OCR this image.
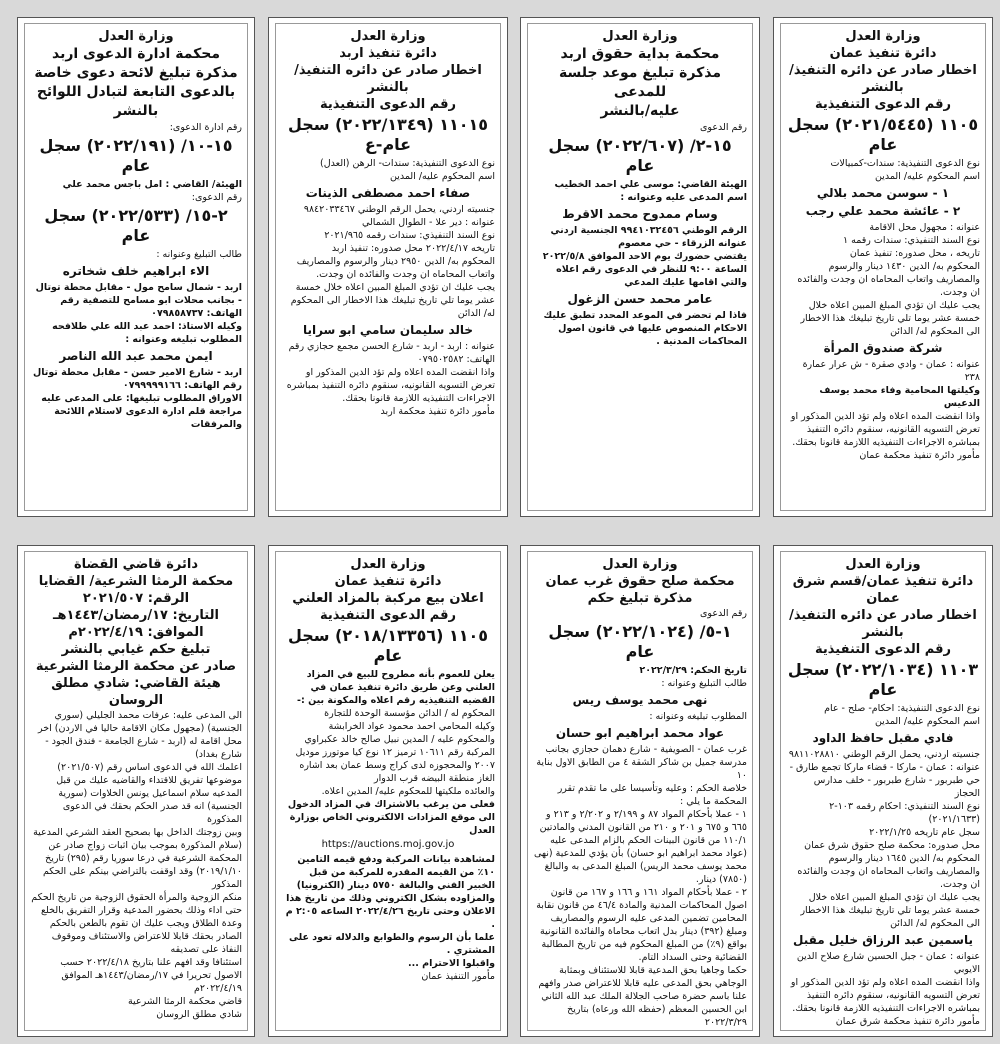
وزارة العدل

دائرة تنفيذ عمان

اخطار صادر عن دائره التنفيذ/ بالنشر

رقم الدعوى التنفيذية

١١٠٥ (٢٠٢١/٥٤٤٥) سجل عام

نوع الدعوى التنفيذية: سندات-كمبيالات

اسم المحكوم عليه/ المدين

١ - سوسن محمد بلالي

٢ - عائشة محمد علي رجب

عنوانه : مجهول محل الاقامة

نوع السند التنفيذي: سندات رقمه ١

تاريخه ، محل صدوره: تنفيذ عمان

المحكوم به/ الدين ١٤٣٠ دينار والرسوم والمصاريف واتعاب المحاماه ان وجدت والفائده ان وجدت.

يجب عليك ان تؤدي المبلغ المبين اعلاه خلال خمسة عشر يوما تلي تاريخ تبليغك هذا الاخطار الى المحكوم له/ الدائن

شركة صندوق المرأة

عنوانه : عمان - وادي صقرة - ش عرار عمارة ٢٣٨

وكيلتها المحامية وفاء محمد يوسف الدعيس

واذا انقضت المده اعلاه ولم تؤد الدين المذكور او تعرض التسويه القانونيه، سنقوم دائره التنفيذ بمباشره الاجراءات التنفيذيه اللازمة قانونا بحقك.

مأمور دائرة تنفيذ محكمة عمان

وزارة العدل

محكمة بداية حقوق اربد

مذكرة تبليغ موعد جلسة للمدعى

عليه/بالنشر

رقم الدعوى

١٥-٢/ (٢٠٢٢/٦٠٧) سجل عام

الهيئة القاضي: موسى علي احمد الخطيب

اسم المدعى عليه وعنوانه :

وسام ممدوح محمد الاقرط

الرقم الوطني ٩٩٤١٠٣٢٤٥٦ الجنسية اردني

عنوانه الزرقاء - حي معصوم

يقتضي حضورك يوم الاحد الموافق ٢٠٢٢/٥/٨

الساعة ٩:٠٠ للنظر في الدعوى رقم اعلاه والتي اقامها عليك المدعي

عامر محمد حسن الزغول

فاذا لم تحضر في الموعد المحدد تطبق عليك الاحكام المنصوص عليها في قانون اصول المحاكمات المدنية .

وزارة العدل

دائرة تنفيذ اربد

اخطار صادر عن دائره التنفيذ/ بالنشر

رقم الدعوى التنفيذية

١١٠١٥ (٢٠٢٢/١٣٤٩) سجل عام-ع

نوع الدعوى التنفيذية: سندات- الرهن (العدل)

اسم المحكوم عليه/ المدين

صفاء احمد مصطفى الذينات

جنسيته اردني، يحمل الرقم الوطني ٩٨٤٢٠٣٣٤٦٧

عنوانه : دير علا - الطوال الشمالي

نوع السند التنفيذي: سندات رقمه ٢٠٢١/٩٦٥

تاريخه ٢٠٢٢/٤/١٧ محل صدوره: تنفيذ اربد

المحكوم به/ الدين ٢٩٥٠ دينار والرسوم والمصاريف واتعاب المحاماه ان وجدت والفائده ان وجدت.

يجب عليك ان تؤدي المبلغ المبين اعلاه خلال خمسة عشر يوما تلي تاريخ تبليغك هذا الاخطار الى المحكوم له/ الدائن

خالد سليمان سامي ابو سرايا

عنوانه : اربد - اربد - شارع الحسن مجمع حجازي رقم الهاتف: ٠٧٩٥٠٢٥٨٢

واذا انقضت المده اعلاه ولم تؤد الدين المذكور او تعرض التسويه القانونيه، سنقوم دائره التنفيذ بمباشره الاجراءات التنفيذيه اللازمة قانونا بحقك.

مأمور دائرة تنفيذ محكمة اربد

وزارة العدل

محكمة ادارة الدعوى اربد

مذكرة تبليغ لائحة دعوى خاصة

بالدعوى التابعة لتبادل اللوائح بالنشر

رقم ادارة الدعوى:

١٥-١٠/ (٢٠٢٢/١٩١) سجل عام

الهيئة/ القاضي : امل باجس محمد علي

رقم الدعوى:

٢-١٥/ (٢٠٢٢/٥٣٣) سجل عام

طالب التبليغ وعنوانه :

الاء ابراهيم خلف شخاتره

اربد - شمال سامح مول - مقابل محطة توتال - بجانب محلات ابو مسامح للتصفية رقم الهاتف: ٠٧٩٨٥٨٧٣٧

وكيله الاستاذ: احمد عبد الله علي طلافحه

المطلوب تبليغه وعنوانه :

ايمن محمد عبد الله الناصر

اربد - شارع الامير حسن - مقابل محطة توتال رقم الهاتف: ٠٧٩٩٩٩٩١٦٦

الاوراق المطلوب تبليغها: على المدعى عليه مراجعة قلم ادارة الدعوى لاستلام اللائحة والمرفقات

وزارة العدل

دائرة تنفيذ عمان/قسم شرق عمان

اخطار صادر عن دائره التنفيذ/ بالنشر

رقم الدعوى التنفيذية

١١٠٣ (٢٠٢٢/١٠٣٤) سجل عام

نوع الدعوى التنفيذية: احكام- صلح - عام

اسم المحكوم عليه/ المدين

فادي مقبل حافظ الداود

جنسيته اردني، يحمل الرقم الوطني ٩٨١١٠٢٨٨١٠

عنوانه : عمان - ماركا - قضاء ماركا تجمع طارق - حي طبربور - شارع طبربور - خلف مدارس الحجاز

نوع السند التنفيذي: احكام رقمه ١٠٣-٢ (٢٠٢١/١٦٣٣)

سجل عام تاريخه ٢٠٢٢/١/٢٥

محل صدوره: محكمة صلح حقوق شرق عمان

المحكوم به/ الدين ١٦٤٥ دينار والرسوم والمصاريف واتعاب المحاماه ان وجدت والفائده ان وجدت.

يجب عليك ان تؤدي المبلغ المبين اعلاه خلال خمسة عشر يوما تلي تاريخ تبليغك هذا الاخطار الى المحكوم له/ الدائن

ياسمين عبد الرزاق خليل مقبل

عنوانه : عمان - جبل الحسين شارع صلاح الدين الايوبي

واذا انقضت المده اعلاه ولم تؤد الدين المذكور او تعرض التسويه القانونيه، سنقوم دائره التنفيذ بمباشره الاجراءات التنفيذيه اللازمة قانونا بحقك.

مأمور دائرة تنفيذ محكمة شرق عمان

وزارة العدل

محكمة صلح حقوق غرب عمان

مذكرة تبليغ حكم

رقم الدعوى

١-٥/ (٢٠٢٢/١٠٢٤) سجل عام

تاريخ الحكم: ٢٠٢٢/٣/٢٩

طالب التبليغ وعنوانه :

نهى محمد يوسف ريس

المطلوب تبليغه وعنوانه :

عواد محمد ابراهيم ابو حسان

غرب عمان - الصويفية - شارع دهمان حجازي بجانب مدرسة جميل بن شاكر الشقة ٤ من الطابق الاول بناية ١٠

خلاصة الحكم : وعليه وتأسيسا على ما تقدم تقرر المحكمة ما يلي :

١ - عملا بأحكام المواد ٨٧ و ٢/١٩٩ و ٢/٢٠٢ و ٢١٣ و ٦٦٥ و ٦٧٥ و ٢٠١ و ٢١٠ من القانون المدني والمادتين ١١٠/١ من قانون البينات الحكم بالزام المدعى عليه (عواد محمد ابراهيم ابو حسان) بأن يؤدي للمدعية (نهى محمد يوسف محمد الريس) المبلغ المدعى به والبالغ (٧٨٥٠) دينار.

٢ - عملا بأحكام المواد ١٦١ و ١٦٦ و ١٦٧ من قانون اصول المحاكمات المدنية والمادة ٤٦/٤ من قانون نقابة المحامين تضمين المدعى عليه الرسوم والمصاريف ومبلغ (٣٩٢) دينار بدل اتعاب محاماة والفائدة القانونية بواقع (٩٪) من المبلغ المحكوم فيه من تاريخ المطالبة القضائية وحتى السداد التام.

حكما وجاهيا بحق المدعية قابلا للاستئناف وبمثابة الوجاهي بحق المدعى عليه قابلا للاعتراض صدر وافهم علنا باسم حضرة صاحب الجلالة الملك عبد الله الثاني ابن الحسين المعظم (حفظه الله ورعاه) بتاريخ ٢٠٢٢/٣/٢٩

وزارة العدل

دائرة تنفيذ عمان

اعلان بيع مركبة بالمزاد العلني

رقم الدعوى التنفيذية

١١٠٥ (٢٠١٨/١٣٣٥٦) سجل عام

يعلن للعموم بأنه مطروح للبيع في المزاد العلني وعن طريق دائرة تنفيذ عمان في القضيه التنفيذيه رقم اعلاه والمكونة بين :-

المحكوم له / الدائن مؤسسة الوحدة للتجارة

وكيله المحامي احمد محمود عواد الخرابشة

والمحكوم عليه / المدين نبيل صالح خالد عكبراوي

المركبة رقم ١٠٦١١ ترميز ١٢ نوع كيا موتورز موديل ٢٠٠٧ والمحجوزه لدى كراج وسط عمان بعد اشاره الغاز منطقة البيضه قرب الدوار

والعائده ملكيتها للمحكوم عليه/ المدين اعلاه.

فعلى من يرغب بالاشتراك في المزاد الدخول الى موقع المزادات الالكتروني الخاص بوزارة العدل

https://auctions.moj.gov.jo

لمشاهدة بيانات المركبة ودفع قيمه التامين ١٠٪ من القيمه المقدره للمركبة من قبل الخبير الفني والبالغة ٥٧٥٠ دينار (الكترونيا) والمزاوده بشكل الكتروني وذلك من تاريخ هذا الاعلان وحتى تاريخ ٢٠٢٢/٤/٢٦ الساعه ٢:٠٥ م .

علما بأن الرسوم والطوابع والدلاله تعود على المشتري .

واقبلوا الاحترام ...

مأمور التنفيذ عمان

دائرة قاضي القضاة

محكمة الرمثا الشرعية/ القضايا

الرقم: ٢٠٢١/٥٠٧

التاريخ: ١٧/رمضان/١٤٤٣هـ

الموافق: ٢٠٢٢/٤/١٩م

تبليغ حكم غيابي بالنشر

صادر عن محكمة الرمثا الشرعية

هيئة القاضي: شادي مطلق الروسان

الى المدعى عليه: عرفات محمد الجليلي (سوري الجنسية) (مجهول مكان الاقامة حاليا في الاردن) اخر محل اقامة له (اربد - شارع الجامعة - فندق الجود - شارع بغداد)

اعلمك الله في الدعوى اساس رقم (٢٠٢١/٥٠٧) موضوعها تفريق للاقتداء والقاضيه عليك من قبل المدعيه سلام اسماعيل يونس الخلاوات (سورية الجنسية) انه قد صدر الحكم بحقك في الدعوى المذكورة

وبين زوجتك الداخل بها بصحيح العقد الشرعي المدعية (سلام المذكورة بموجب بيان اثبات زواج صادر عن المحكمة الشرعية في درعا سوريا رقم (٢٩٥) تاريخ ٢٠١٩/١/١٠) وقد اوقفت بالتراضي بينكم على الحكم المذكور

منكم الزوجية والمرأة الحقوق الزوجية من تاريخ الحكم حتى اداء وذلك بحضور المدعية وقرار التفريق بالخلع وعدة الطلاق ويجب عليك ان تقوم بالطعن بالحكم الصادر بحقك قابلا للاعتراض والاستئناف وموقوف النفاذ على تصديقه

استئنافا وقد افهم علنا بتاريخ ٢٠٢٢/٤/١٨ حسب الاصول تحريرا في ١٧/رمضان/١٤٤٣هـ الموافق ٢٠٢٢/٤/١٩م

قاضي محكمة الرمثا الشرعية

شادي مطلق الروسان
